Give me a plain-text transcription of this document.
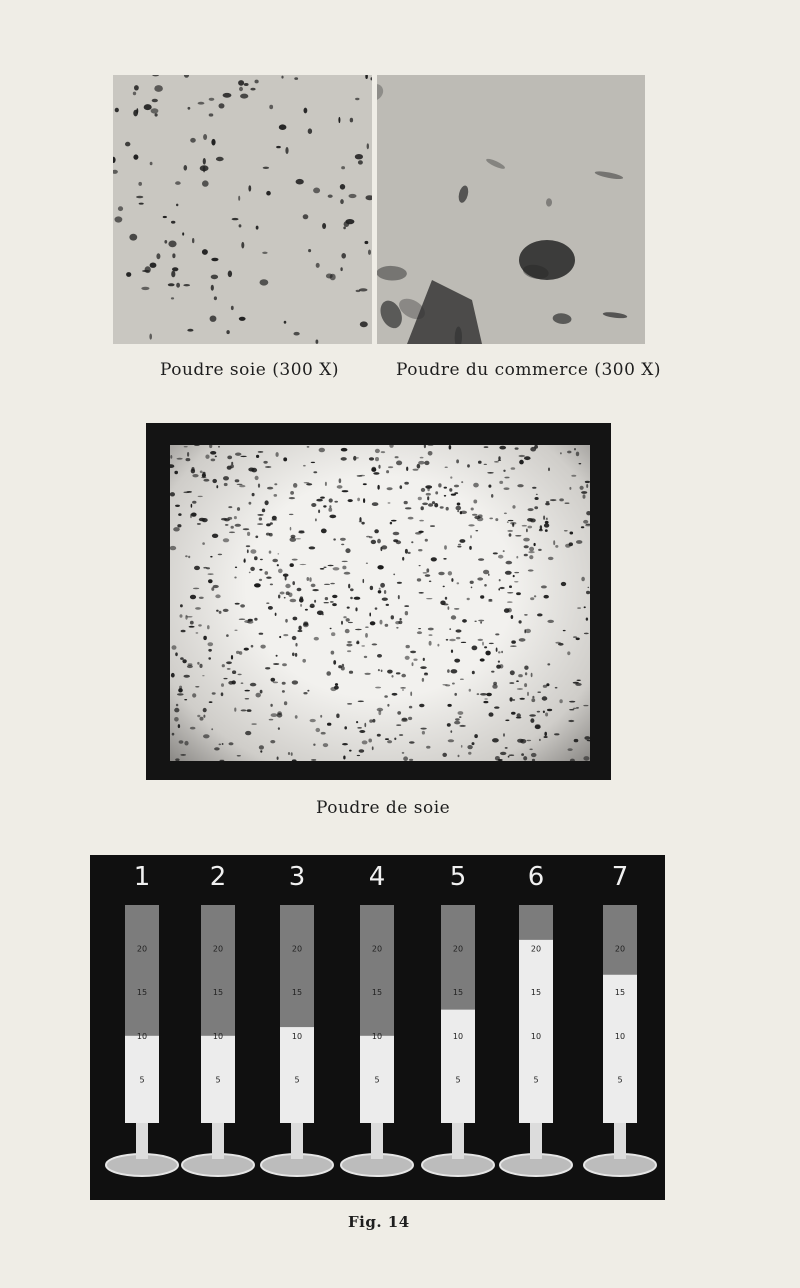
Poudre soie (300 X)	Poudre du commerce (300 X)
Poudre de soie
1
20
15
10
5
2
20
15
10
5
3
20
15
10
5
4
20
15
10
5
5
20
15
10
5
6
20
15
10
5
7
20
15
10
5
Fig. 14
